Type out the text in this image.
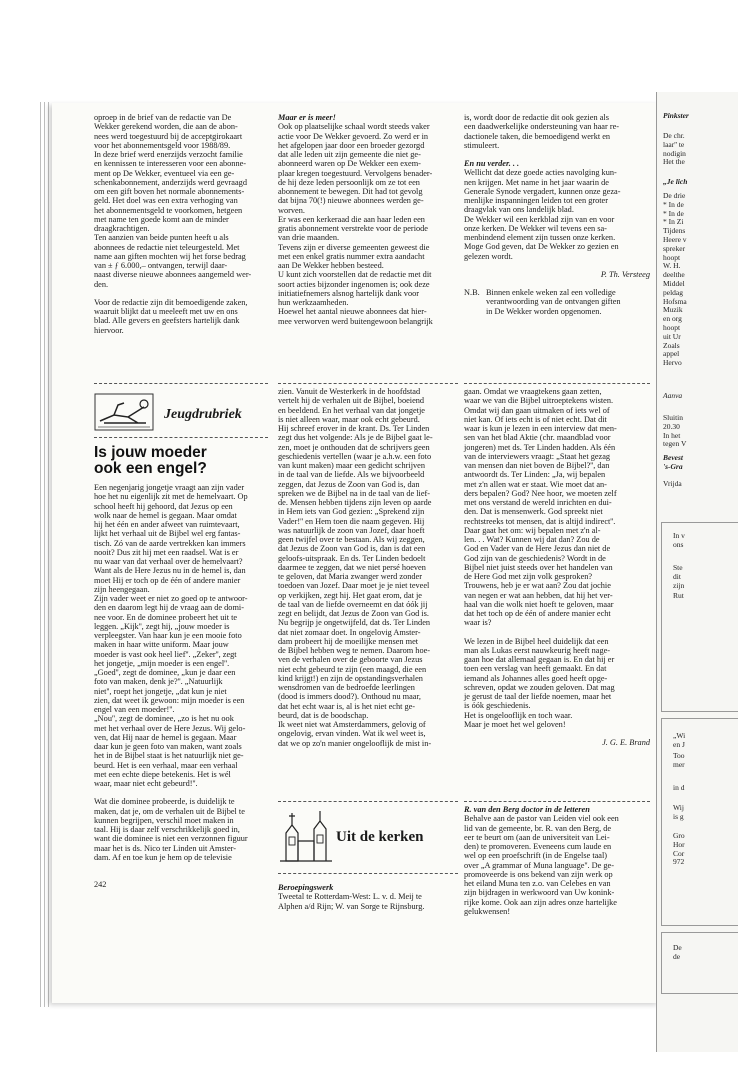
oproep in de brief van de redactie van De
Wekker gerekend worden, die aan de abon-
nees werd toegestuurd bij de acceptgirokaart
voor het abonnementsgeld voor 1988/89.
In deze brief werd enerzijds verzocht familie
en kennissen te interesseren voor een abonne-
ment op De Wekker, eventueel via een ge-
schenkabonnement, anderzijds werd gevraagd
om een gift boven het normale abonnements-
geld. Het doel was een extra verhoging van
het abonnementsgeld te voorkomen, hetgeen
met name ten goede komt aan de minder
draagkrachtigen.
Ten aanzien van beide punten heeft u als
abonnees de redactie niet teleurgesteld. Met
name aan giften mochten wij het forse bedrag
van ± ƒ 6.000,– ontvangen, terwijl daar-
naast diverse nieuwe abonnees aangemeld wer-
den.

Voor de redactie zijn dit bemoedigende zaken,
waaruit blijkt dat u meeleeft met uw en ons
blad. Alle gevers en geefsters hartelijk dank
hiervoor.

Maar er is meer!

Ook op plaatselijke schaal wordt steeds vaker
actie voor De Wekker gevoerd. Zo werd er in
het afgelopen jaar door een broeder gezorgd
dat alle leden uit zijn gemeente die niet ge-
abonneerd waren op De Wekker een exem-
plaar kregen toegestuurd. Vervolgens benader-
de hij deze leden persoonlijk om ze tot een
abonnement te bewegen. Dit had tot gevolg
dat bijna 70(!) nieuwe abonnees werden ge-
worven.
Er was een kerkeraad die aan haar leden een
gratis abonnement verstrekte voor de periode
van drie maanden.
Tevens zijn er diverse gemeenten geweest die
met een enkel gratis nummer extra aandacht
aan De Wekker hebben besteed.
U kunt zich voorstellen dat de redactie met dit
soort acties bijzonder ingenomen is; ook deze
initiatiefnemers alsnog hartelijk dank voor
hun werkzaamheden.
Hoewel het aantal nieuwe abonnees dat hier-
mee verworven werd buitengewoon belangrijk

is, wordt door de redactie dit ook gezien als
een daadwerkelijke ondersteuning van haar re-
dactionele taken, die bemoedigend werkt en
stimuleert.

En nu verder. . .

Wellicht dat deze goede acties navolging kun-
nen krijgen. Met name in het jaar waarin de
Generale Synode vergadert, kunnen onze geza-
menlijke inspanningen leiden tot een groter
draagvlak van ons landelijk blad.
De Wekker wil een kerkblad zijn van en voor
onze kerken. De Wekker wil tevens een sa-
menbindend element zijn tussen onze kerken.
Moge God geven, dat De Wekker zo gezien en
gelezen wordt.

P. Th. Versteeg

N.B. Binnen enkele weken zal een volledige
verantwoording van de ontvangen giften
in De Wekker worden opgenomen.

Jeugdrubriek
Is jouw moeder
ook een engel?

Een negenjarig jongetje vraagt aan zijn vader
hoe het nu eigenlijk zit met de hemelvaart. Op
school heeft hij gehoord, dat Jezus op een
wolk naar de hemel is gegaan. Maar omdat
hij het één en ander afweet van ruimtevaart,
lijkt het verhaal uit de Bijbel wel erg fantas-
tisch. Zó van de aarde vertrekken kan immers
nooit? Dus zit hij met een raadsel. Wat is er
nu waar van dat verhaal over de hemelvaart?
Want als de Here Jezus nu in de hemel is, dan
moet Hij er toch op de één of andere manier
zijn heengegaan.
Zijn vader weet er niet zo goed op te antwoor-
den en daarom legt hij de vraag aan de domi-
nee voor. En de dominee probeert het uit te
leggen. „Kijk'', zegt hij, „jouw moeder is
verpleegster. Van haar kun je een mooie foto
maken in haar witte uniform. Maar jouw
moeder is vast ook heel lief''. „Zeker'', zegt
het jongetje, „mijn moeder is een engel''.
„Goed'', zegt de dominee, „kun je daar een
foto van maken, denk je?''. „Natuurlijk
niet'', roept het jongetje, „dat kun je niet
zien, dat weet ik gewoon: mijn moeder is een
engel van een moeder!''.
„Nou'', zegt de dominee, „zo is het nu ook
met het verhaal over de Here Jezus. Wij gelo-
ven, dat Hij naar de hemel is gegaan. Maar
daar kun je geen foto van maken, want zoals
het in de Bijbel staat is het natuurlijk niet ge-
beurd. Het is een verhaal, maar een verhaal
met een echte diepe betekenis. Het is wél
waar, maar niet echt gebeurd!''.

Wat die dominee probeerde, is duidelijk te
maken, dat je, om de verhalen uit de Bijbel te
kunnen begrijpen, verschil moet maken in
taal. Hij is daar zelf verschrikkelijk goed in,
want die dominee is niet een verzonnen figuur
maar het is ds. Nico ter Linden uit Amster-
dam. Af en toe kun je hem op de televisie

242

zien. Vanuit de Westerkerk in de hoofdstad
vertelt hij de verhalen uit de Bijbel, boeiend
en beeldend. En het verhaal van dat jongetje
is niet alleen waar, maar ook echt gebeurd.
Hij schreef erover in de krant. Ds. Ter Linden
zegt dus het volgende: Als je de Bijbel gaat le-
zen, moet je onthouden dat de schrijvers geen
geschiedenis vertellen (waar je a.h.w. een foto
van kunt maken) maar een gedicht schrijven
in de taal van de liefde. Als we bijvoorbeeld
zeggen, dat Jezus de Zoon van God is, dan
spreken we de Bijbel na in de taal van de lief-
de. Mensen hebben tijdens zijn leven op aarde
in Hem iets van God gezien: „Sprekend zijn
Vader!'' en Hem toen die naam gegeven. Hij
was natuurlijk de zoon van Jozef, daar hoeft
geen twijfel over te bestaan. Als wij zeggen,
dat Jezus de Zoon van God is, dan is dat een
geloofs-uitspraak. En ds. Ter Linden bedoelt
daarmee te zeggen, dat we niet persé hoeven
te geloven, dat Maria zwanger werd zonder
toedoen van Jozef. Daar moet je je niet teveel
op verkijken, zegt hij. Het gaat erom, dat je
de taal van de liefde overneemt en dat óók jij
zegt en belijdt, dat Jezus de Zoon van God is.
Nu begrijp je ongetwijfeld, dat ds. Ter Linden
dat niet zomaar doet. In ongelovig Amster-
dam probeert hij de moeilijke mensen met
de Bijbel hebben weg te nemen. Daarom hoe-
ven de verhalen over de geboorte van Jezus
niet echt gebeurd te zijn (een maagd, die een
kind krijgt!) en zijn de opstandingsverhalen
wensdromen van de bedroefde leerlingen
(dood is immers dood?). Onthoud nu maar,
dat het echt waar is, al is het niet echt ge-
beurd, dat is de boodschap.
Ik weet niet wat Amsterdammers, gelovig of
ongelovig, ervan vinden. Wat ik wel weet is,
dat we op zo'n manier ongelooflijk de mist in-

gaan. Omdat we vraagtekens gaan zetten,
waar we van die Bijbel uitroeptekens wisten.
Omdat wij dan gaan uitmaken of iets wel of
niet kan. Of iets echt is of niet echt. Dat dit
waar is kun je lezen in een interview dat men-
sen van het blad Aktie (chr. maandblad voor
jongeren) met ds. Ter Linden hadden. Als één
van de interviewers vraagt: „Staat het gezag
van mensen dan niet boven de Bijbel?'', dan
antwoordt ds. Ter Linden: „Ja, wij bepalen
met z'n allen wat er staat. Wie moet dat an-
ders bepalen? God? Nee hoor, we moeten zelf
met ons verstand de wereld inrichten en dui-
den. Dat is mensenwerk. God spreekt niet
rechtstreeks tot mensen, dat is altijd indirect''.
Daar gaat het om: wij bepalen met z'n al-
len. . . Wat? Kunnen wij dat dan? Zou de
God en Vader van de Here Jezus dan niet de
God zijn van de geschiedenis? Wordt in de
Bijbel niet juist steeds over het handelen van
de Here God met zijn volk gesproken?
Trouwens, heb je er wat aan? Zou dat jochie
van negen er wat aan hebben, dat hij het ver-
haal van die wolk niet hoeft te geloven, maar
dat het toch op de één of andere manier echt
waar is?

We lezen in de Bijbel heel duidelijk dat een
man als Lukas eerst nauwkeurig heeft nage-
gaan hoe dat allemaal gegaan is. En dat hij er
toen een verslag van heeft gemaakt. En dat
iemand als Johannes alles goed heeft opge-
schreven, opdat we zouden geloven. Dat mag
je gerust de taal der liefde noemen, maar het
is óók geschiedenis.
Het is ongelooflijk en toch waar.
Maar je moet het wel geloven!

J. G. E. Brand

Uit de kerken

Beroepingswerk

Tweetal te Rotterdam-West: L. v. d. Meij te
Alphen a/d Rijn; W. van Sorge te Rijnsburg.

R. van den Berg doctor in de letteren

Behalve aan de pastor van Leiden viel ook een
lid van de gemeente, br. R. van den Berg, de
eer te beurt om (aan de universiteit van Lei-
den) te promoveren. Eveneens cum laude en
wel op een proefschrift (in de Engelse taal)
over „A grammar of Muna language''. De ge-
promoveerde is ons bekend van zijn werk op
het eiland Muna ten z.o. van Celebes en van
zijn bijdragen in werkwoord van Uw konink-
rijke kome. Ook aan zijn adres onze hartelijke
gelukwensen!

Pinkster
De chr.
laar'' te
nodigin
Het the
„Je lich
De drie
* In de
* In de
* In Zi
Tijdens
Heere v
spreker
hoopt
W. H.
deelthe
Middel
peldag
Hofsma
Muzik
en org
hoopt
uit Ur
Zoals
appel
Hervo
Aanva
Sluitin
20.30
In het
tegen V
Bevest
's-Gra
Vrijda
In v
ons
Ste
dit
zijn
Rut
„Wi
en J
Too
mer
in d
Wij
is g
Gro
Hor
Cor
972
De
de
